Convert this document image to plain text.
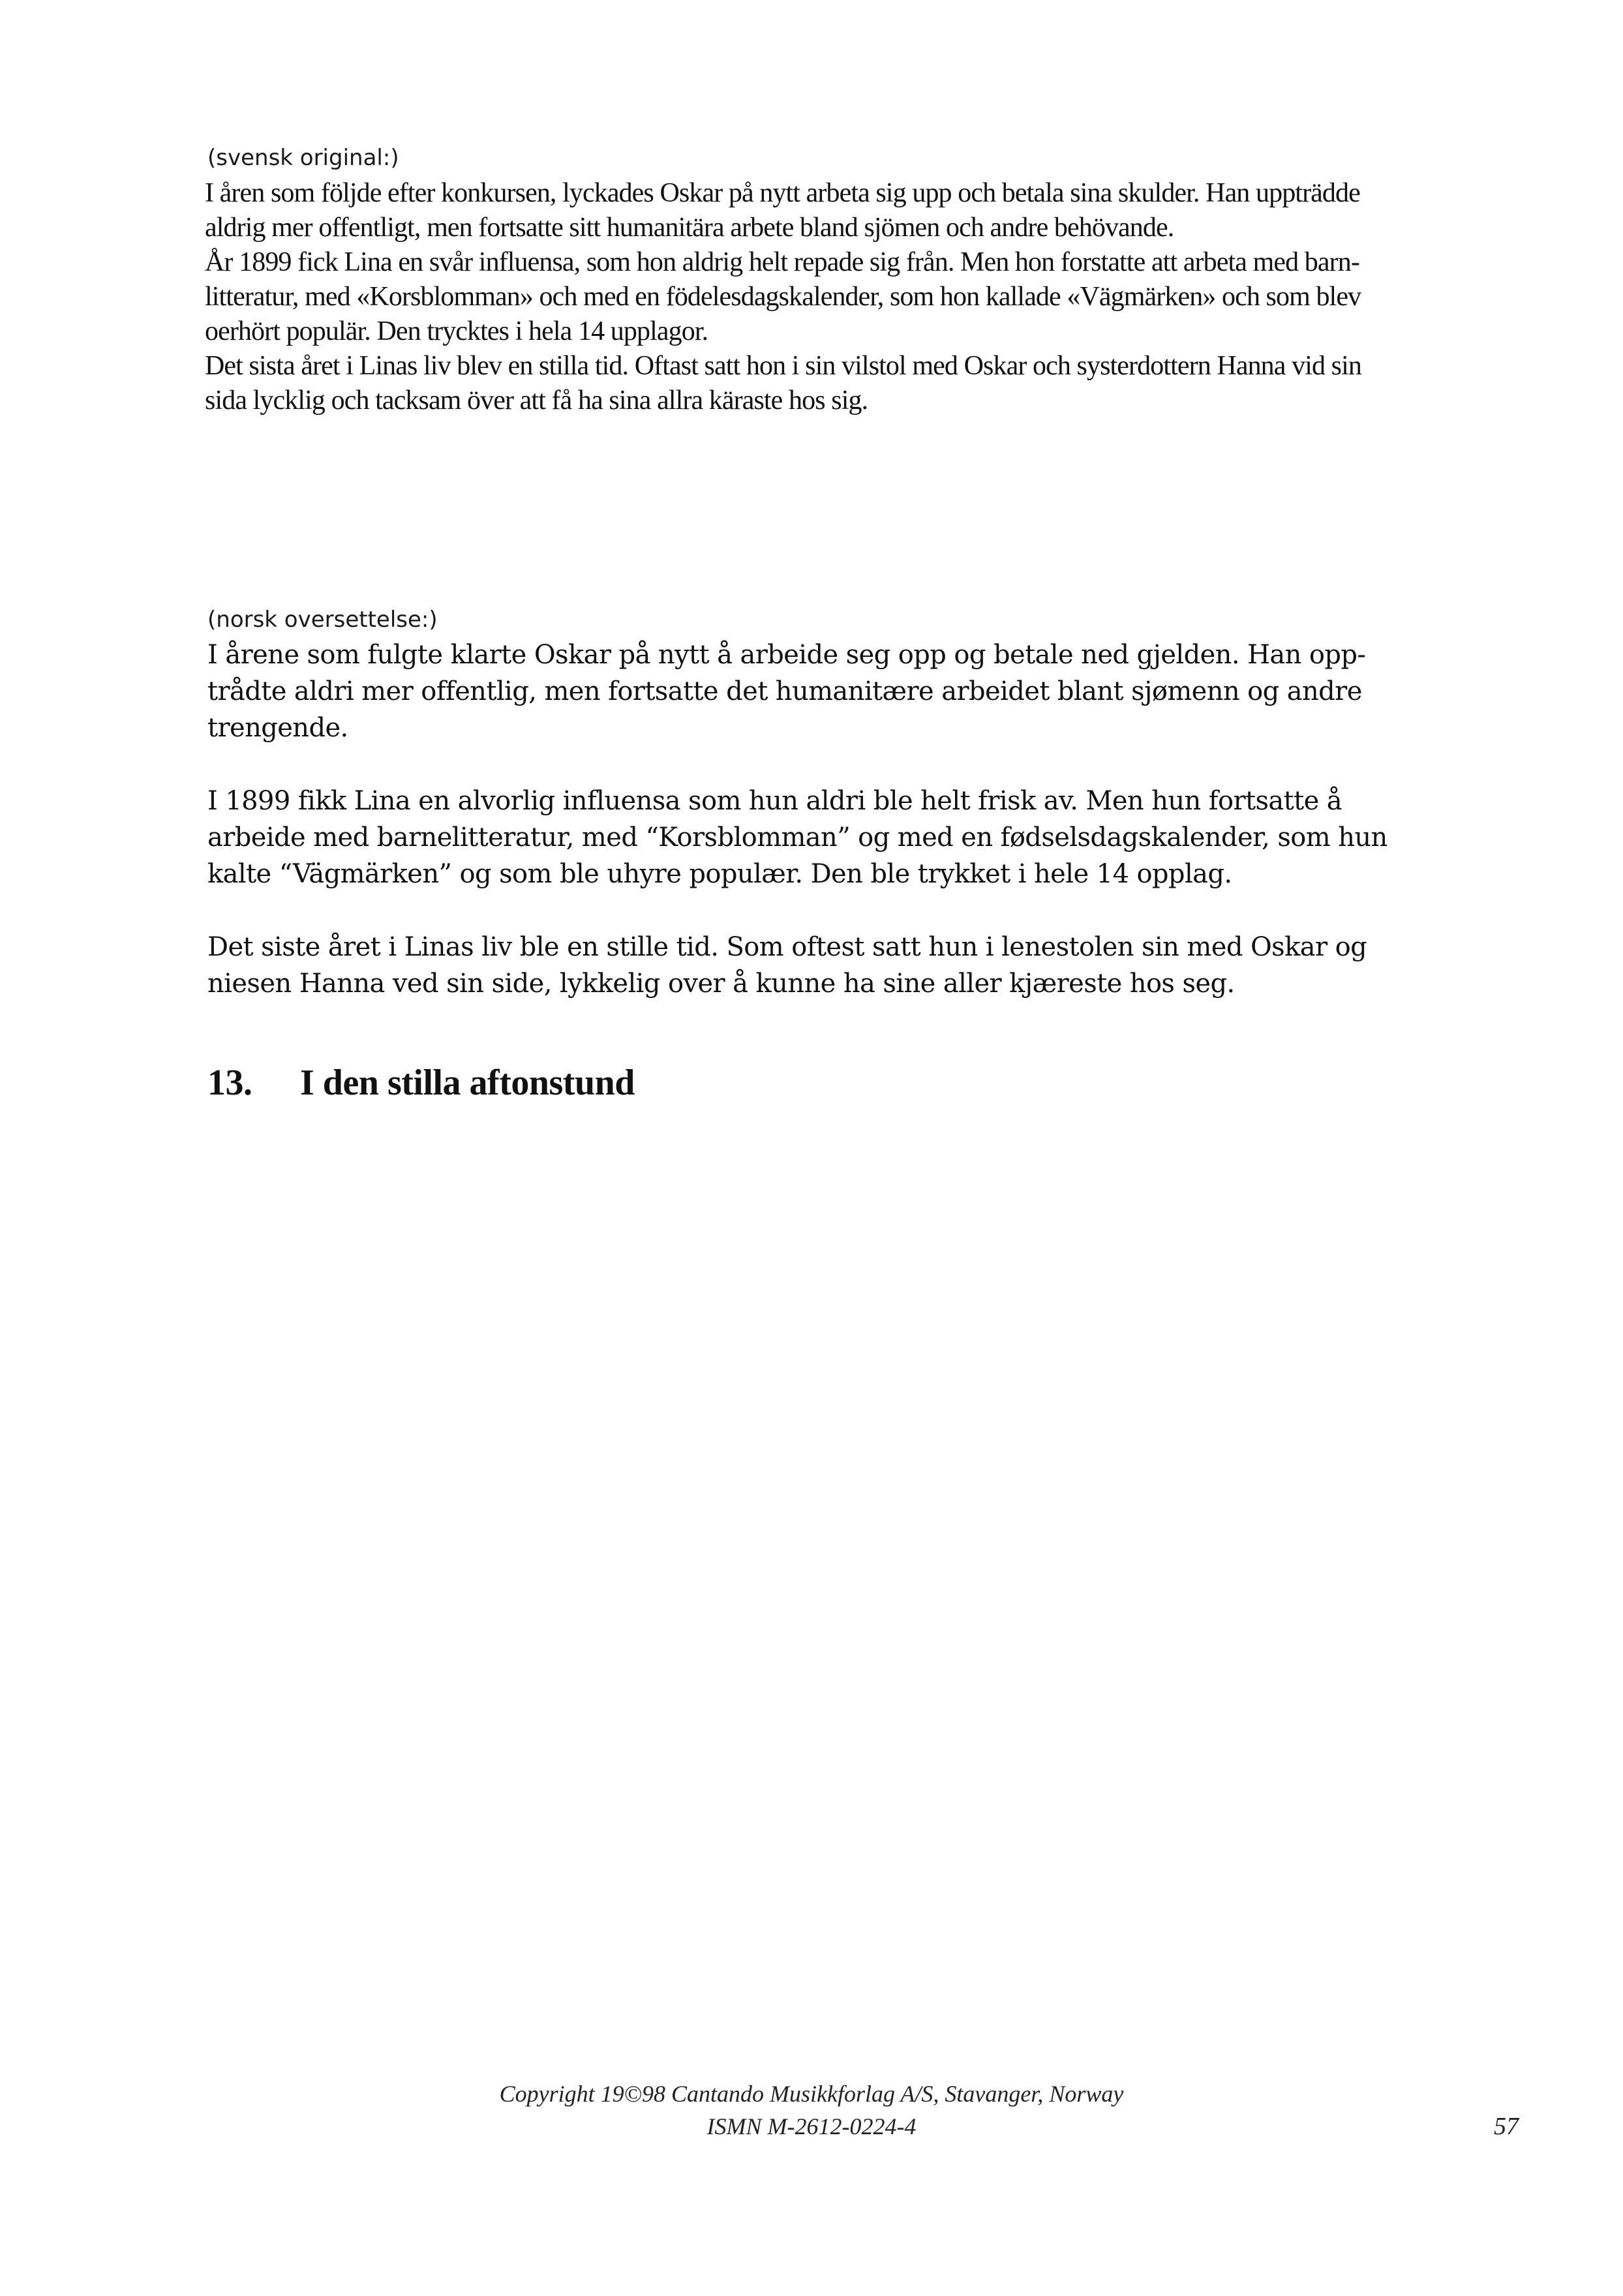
(svensk original:)

I åren som följde efter konkursen, lyckades Oskar på nytt arbeta sig upp och betala sina skulder. Han uppträdde

aldrig mer offentligt, men fortsatte sitt humanitära arbete bland sjömen och andre behövande.

År 1899 fick Lina en svår influensa, som hon aldrig helt repade sig från. Men hon forstatte att arbeta med barn-

litteratur, med «Korsblomman» och med en födelesdagskalender, som hon kallade «Vägmärken» och som blev

oerhört populär. Den trycktes i hela 14 upplagor.

Det sista året i Linas liv blev en stilla tid. Oftast satt hon i sin vilstol med Oskar och systerdottern Hanna vid sin

sida lycklig och tacksam över att få ha sina allra käraste hos sig.

(norsk oversettelse:)

I årene som fulgte klarte Oskar på nytt å arbeide seg opp og betale ned gjelden. Han opp-
trådte aldri mer offentlig, men fortsatte det humanitære arbeidet blant sjømenn og andre
trengende.

I 1899 fikk Lina en alvorlig influensa som hun aldri ble helt frisk av. Men hun fortsatte å
arbeide med barnelitteratur, med “Korsblomman” og med en fødselsdagskalender, som hun
kalte “Vägmärken” og som ble uhyre populær. Den ble trykket i hele 14 opplag.

Det siste året i Linas liv ble en stille tid. Som oftest satt hun i lenestolen sin med Oskar og
niesen Hanna ved sin side, lykkelig over å kunne ha sine aller kjæreste hos seg.

13. I den stilla aftonstund
Copyright 19©98 Cantando Musikkforlag A/S, Stavanger, Norway
ISMN M-2612-0224-4	57
